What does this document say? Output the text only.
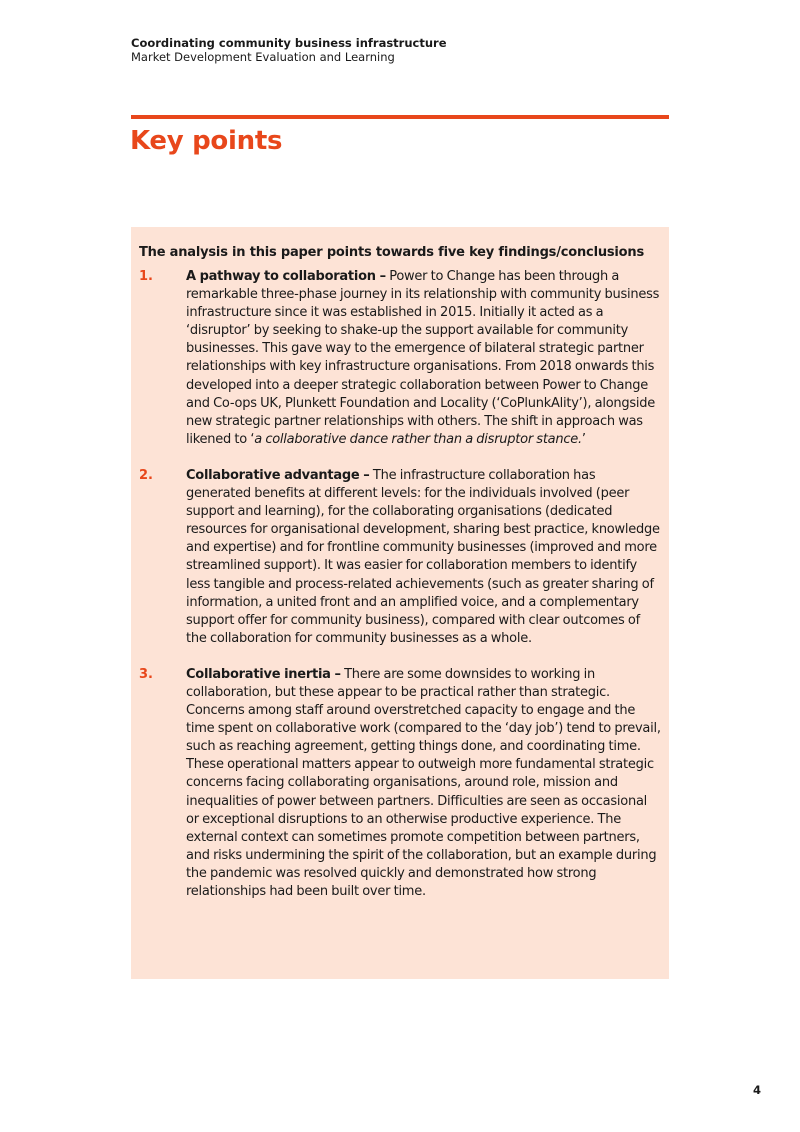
Coordinating community business infrastructure
Market Development Evaluation and Learning
Key points
The analysis in this paper points towards five key findings/conclusions
1.	A pathway to collaboration – Power to Change has been through a remarkable three-phase journey in its relationship with community business infrastructure since it was established in 2015. Initially it acted as a ‘disruptor’ by seeking to shake-up the support available for community businesses. This gave way to the emergence of bilateral strategic partner relationships with key infrastructure organisations. From 2018 onwards this developed into a deeper strategic collaboration between Power to Change and Co-ops UK, Plunkett Foundation and Locality (‘CoPlunkAlity’), alongside new strategic partner relationships with others. The shift in approach was likened to ‘a collaborative dance rather than a disruptor stance.’
2.	Collaborative advantage – The infrastructure collaboration has generated benefits at different levels: for the individuals involved (peer support and learning), for the collaborating organisations (dedicated resources for organisational development, sharing best practice, knowledge and expertise) and for frontline community businesses (improved and more streamlined support). It was easier for collaboration members to identify less tangible and process-related achievements (such as greater sharing of information, a united front and an amplified voice, and a complementary support offer for community business), compared with clear outcomes of the collaboration for community businesses as a whole.
3.	Collaborative inertia – There are some downsides to working in collaboration, but these appear to be practical rather than strategic. Concerns among staff around overstretched capacity to engage and the time spent on collaborative work (compared to the ‘day job’) tend to prevail, such as reaching agreement, getting things done, and coordinating time. These operational matters appear to outweigh more fundamental strategic concerns facing collaborating organisations, around role, mission and inequalities of power between partners. Difficulties are seen as occasional or exceptional disruptions to an otherwise productive experience. The external context can sometimes promote competition between partners, and risks undermining the spirit of the collaboration, but an example during the pandemic was resolved quickly and demonstrated how strong relationships had been built over time.
4
